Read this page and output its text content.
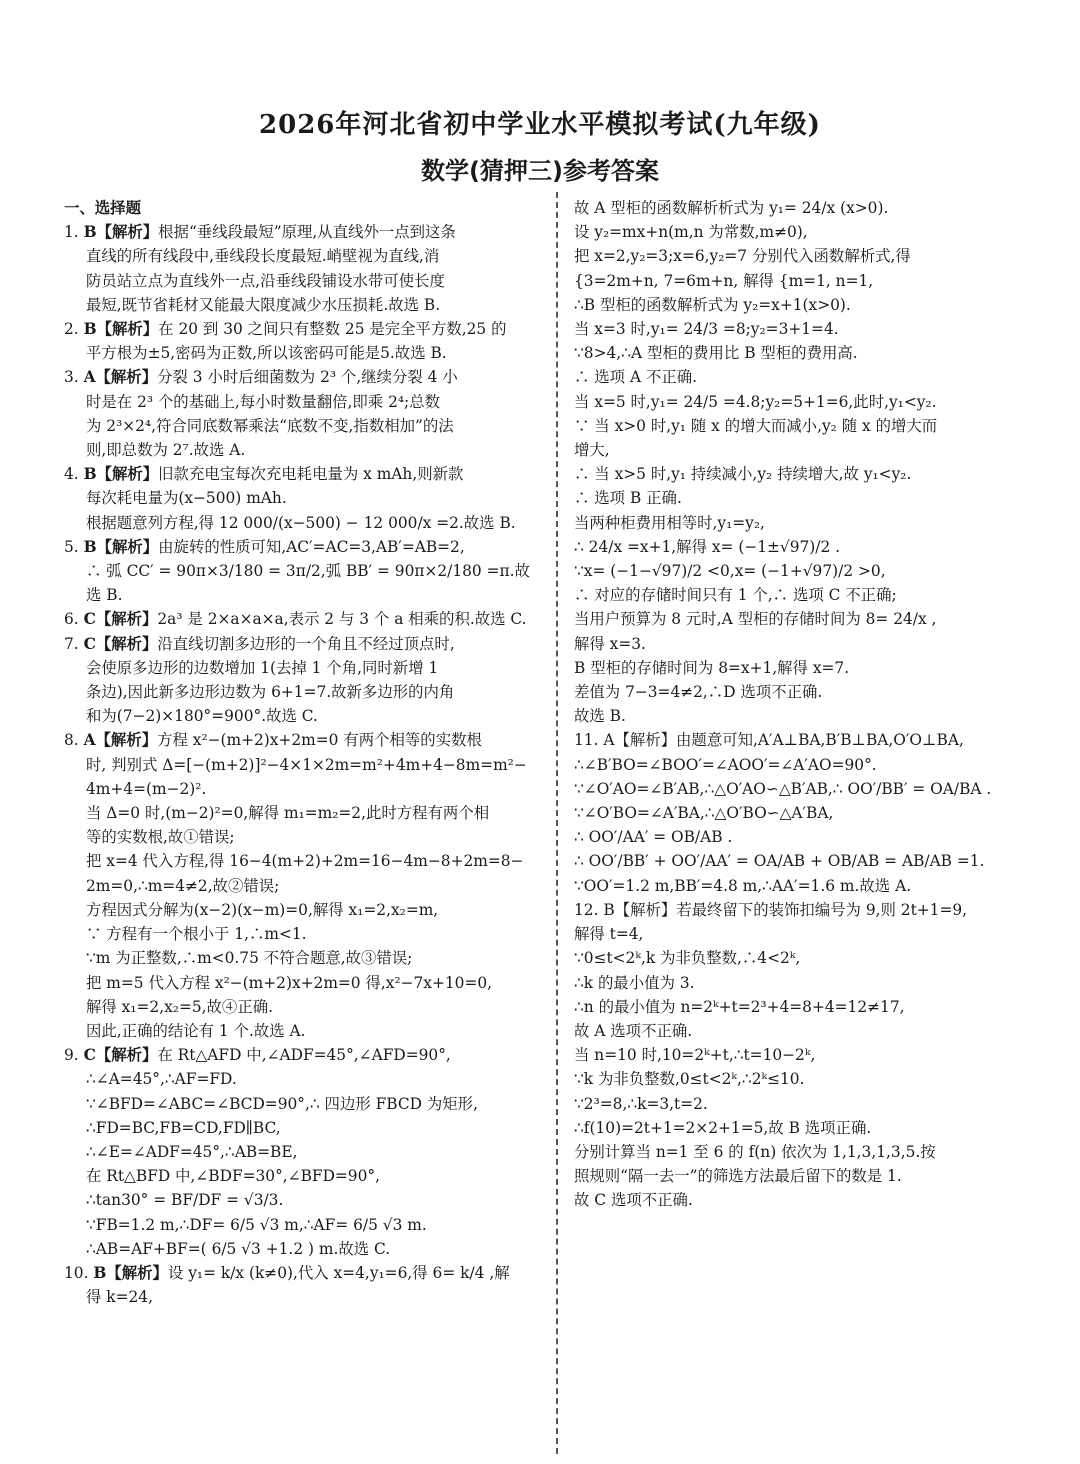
2026年河北省初中学业水平模拟考试(九年级)
数学(猜押三)参考答案
一、选择题
1. B【解析】根据“垂线段最短”原理,从直线外一点到这条
直线的所有线段中,垂线段长度最短.峭壁视为直线,消
防员站立点为直线外一点,沿垂线段铺设水带可使长度
最短,既节省耗材又能最大限度减少水压损耗.故选 B.
2. B【解析】在 20 到 30 之间只有整数 25 是完全平方数,25 的
平方根为±5,密码为正数,所以该密码可能是5.故选 B.
3. A【解析】分裂 3 小时后细菌数为 2³ 个,继续分裂 4 小
时是在 2³ 个的基础上,每小时数量翻倍,即乘 2⁴;总数
为 2³×2⁴,符合同底数幂乘法“底数不变,指数相加”的法
则,即总数为 2⁷.故选 A.
4. B【解析】旧款充电宝每次充电耗电量为 x mAh,则新款
每次耗电量为(x−500) mAh.
根据题意列方程,得 12 000/(x−500) − 12 000/x =2.故选 B.
5. B【解析】由旋转的性质可知,AC′=AC=3,AB′=AB=2,
∴ 弧 CC′ = 90π×3/180 = 3π/2,弧 BB′ = 90π×2/180 =π.故选 B.
6. C【解析】2a³ 是 2×a×a×a,表示 2 与 3 个 a 相乘的积.故选 C.
7. C【解析】沿直线切割多边形的一个角且不经过顶点时,
会使原多边形的边数增加 1(去掉 1 个角,同时新增 1
条边),因此新多边形边数为 6+1=7.故新多边形的内角
和为(7−2)×180°=900°.故选 C.
8. A【解析】方程 x²−(m+2)x+2m=0 有两个相等的实数根
时, 判别式 Δ=[−(m+2)]²−4×1×2m=m²+4m+4−8m=m²−
4m+4=(m−2)².
当 Δ=0 时,(m−2)²=0,解得 m₁=m₂=2,此时方程有两个相
等的实数根,故①错误;
把 x=4 代入方程,得 16−4(m+2)+2m=16−4m−8+2m=8−
2m=0,∴m=4≠2,故②错误;
方程因式分解为(x−2)(x−m)=0,解得 x₁=2,x₂=m,
∵ 方程有一个根小于 1,∴m<1.
∵m 为正整数,∴m<0.75 不符合题意,故③错误;
把 m=5 代入方程 x²−(m+2)x+2m=0 得,x²−7x+10=0,
解得 x₁=2,x₂=5,故④正确.
因此,正确的结论有 1 个.故选 A.
9. C【解析】在 Rt△AFD 中,∠ADF=45°,∠AFD=90°,
∴∠A=45°,∴AF=FD.
∵∠BFD=∠ABC=∠BCD=90°,∴ 四边形 FBCD 为矩形,
∴FD=BC,FB=CD,FD∥BC,
∴∠E=∠ADF=45°,∴AB=BE,
在 Rt△BFD 中,∠BDF=30°,∠BFD=90°,
∴tan30° = BF/DF = √3/3.
∵FB=1.2 m,∴DF= 6/5 √3 m,∴AF= 6/5 √3 m.
∴AB=AF+BF=( 6/5 √3 +1.2 ) m.故选 C.
10. B【解析】设 y₁= k/x (k≠0),代入 x=4,y₁=6,得 6= k/4 ,解
得 k=24,
故 A 型柜的函数解析析式为 y₁= 24/x (x>0).
设 y₂=mx+n(m,n 为常数,m≠0),
把 x=2,y₂=3;x=6,y₂=7 分别代入函数解析式,得
{3=2m+n, 7=6m+n, 解得 {m=1, n=1,
∴B 型柜的函数解析式为 y₂=x+1(x>0).
当 x=3 时,y₁= 24/3 =8;y₂=3+1=4.
∵8>4,∴A 型柜的费用比 B 型柜的费用高.
∴ 选项 A 不正确.
当 x=5 时,y₁= 24/5 =4.8;y₂=5+1=6,此时,y₁<y₂.
∵ 当 x>0 时,y₁ 随 x 的增大而减小,y₂ 随 x 的增大而
增大,
∴ 当 x>5 时,y₁ 持续减小,y₂ 持续增大,故 y₁<y₂.
∴ 选项 B 正确.
当两种柜费用相等时,y₁=y₂,
∴ 24/x =x+1,解得 x= (−1±√97)/2 .
∵x= (−1−√97)/2 <0,x= (−1+√97)/2 >0,
∴ 对应的存储时间只有 1 个,∴ 选项 C 不正确;
当用户预算为 8 元时,A 型柜的存储时间为 8= 24/x ,
解得 x=3.
B 型柜的存储时间为 8=x+1,解得 x=7.
差值为 7−3=4≠2,∴D 选项不正确.
故选 B.
11. A【解析】由题意可知,A′A⊥BA,B′B⊥BA,O′O⊥BA,
∴∠B′BO=∠BOO′=∠AOO′=∠A′AO=90°.
∵∠O′AO=∠B′AB,∴△O′AO∽△B′AB,∴ OO′/BB′ = OA/BA .
∵∠O′BO=∠A′BA,∴△O′BO∽△A′BA,
∴ OO′/AA′ = OB/AB .
∴ OO′/BB′ + OO′/AA′ = OA/AB + OB/AB = AB/AB =1.
∵OO′=1.2 m,BB′=4.8 m,∴AA′=1.6 m.故选 A.
12. B【解析】若最终留下的装饰扣编号为 9,则 2t+1=9,
解得 t=4,
∵0≤t<2ᵏ,k 为非负整数,∴4<2ᵏ,
∴k 的最小值为 3.
∴n 的最小值为 n=2ᵏ+t=2³+4=8+4=12≠17,
故 A 选项不正确.
当 n=10 时,10=2ᵏ+t,∴t=10−2ᵏ,
∵k 为非负整数,0≤t<2ᵏ,∴2ᵏ≤10.
∵2³=8,∴k=3,t=2.
∴f(10)=2t+1=2×2+1=5,故 B 选项正确.
分别计算当 n=1 至 6 的 f(n) 依次为 1,1,3,1,3,5.按
照规则“隔一去一”的筛选方法最后留下的数是 1.
故 C 选项不正确.
